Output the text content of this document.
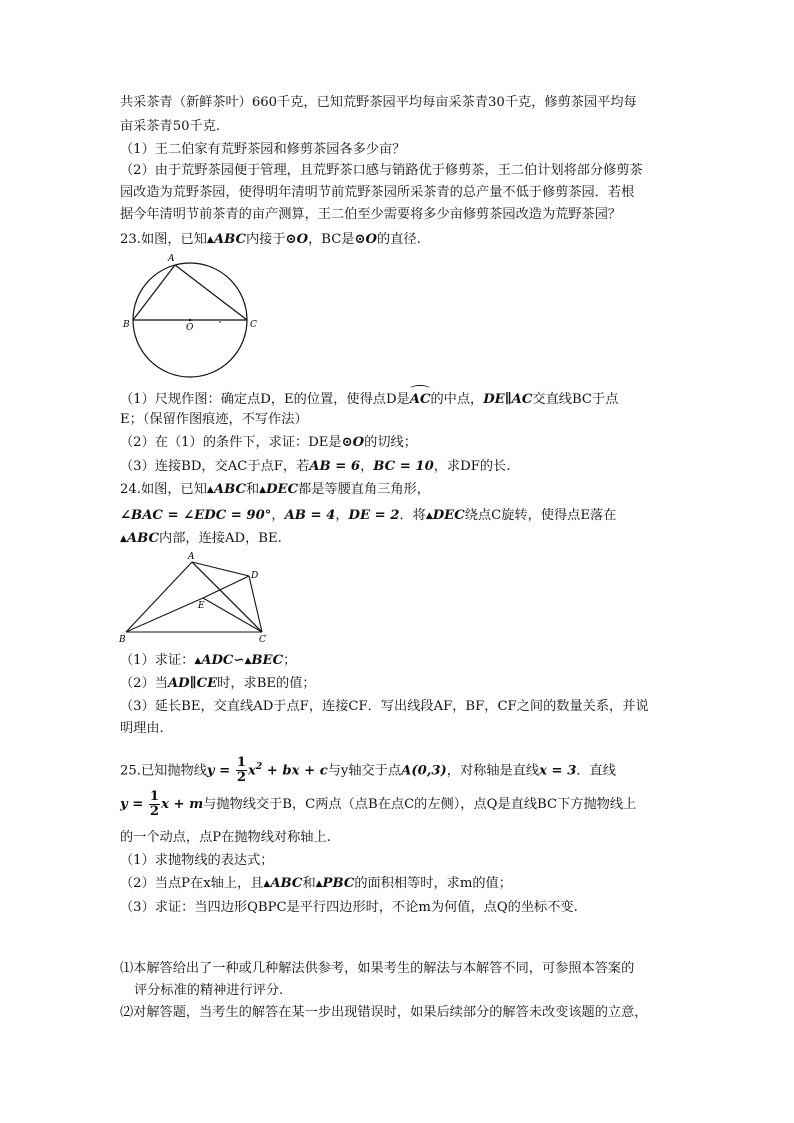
共采茶青（新鲜茶叶）660千克，已知荒野茶园平均每亩采茶青30千克，修剪茶园平均每
亩采茶青50千克.
（1）王二伯家有荒野茶园和修剪茶园各多少亩？
（2）由于荒野茶园便于管理，且荒野茶口感与销路优于修剪茶，王二伯计划将部分修剪茶
园改造为荒野茶园，使得明年清明节前荒野茶园所采茶青的总产量不低于修剪茶园．若根
据今年清明节前茶青的亩产测算，王二伯至少需要将多少亩修剪茶园改造为荒野茶园？
23.如图，已知▲ABC内接于⊙O，BC是⊙O的直径.
A
B	O	C
（1）尺规作图：确定点D，E的位置，使得点D是
AC的中点，DE∥AC交直线BC于点
E；（保留作图痕迹，不写作法）
（2）在（1）的条件下，求证：DE是⊙O的切线；
（3）连接BD，交AC于点F，若AB = 6，BC = 10，求DF的长.
24.如图，已知▲ABC和▲DEC都是等腰直角三角形，
∠BAC = ∠EDC = 90°，AB = 4，DE = 2．将▲DEC绕点C旋转，使得点E落在
▲ABC内部，连接AD，BE.
A
D
E
B	C
（1）求证：▲ADC∽▲BEC；
（2）当AD∥CE时，求BE的值；
（3）延长BE，交直线AD于点F，连接CF．写出线段AF，BF，CF之间的数量关系，并说
明理由.
25.已知抛物线$y = \frac{1}{2} x^2$ + bx + c与y轴交于点A(0,3)，对称轴是直线x = 3．直线
$y = \frac{1}{2}$ x + m与抛物线交于B，C两点（点B在点C的左侧），点Q是直线BC下方抛物线上
的一个动点，点P在抛物线对称轴上.
（1）求抛物线的表达式；
（2）当点P在x轴上，且▲ABC和▲PBC的面积相等时，求m的值；
（3）求证：当四边形QBPC是平行四边形时，不论m为何值，点Q的坐标不变.
⑴本解答给出了一种或几种解法供参考，如果考生的解法与本解答不同，可参照本答案的
评分标准的精神进行评分.
⑵对解答题，当考生的解答在某一步出现错误时，如果后续部分的解答未改变该题的立意，
